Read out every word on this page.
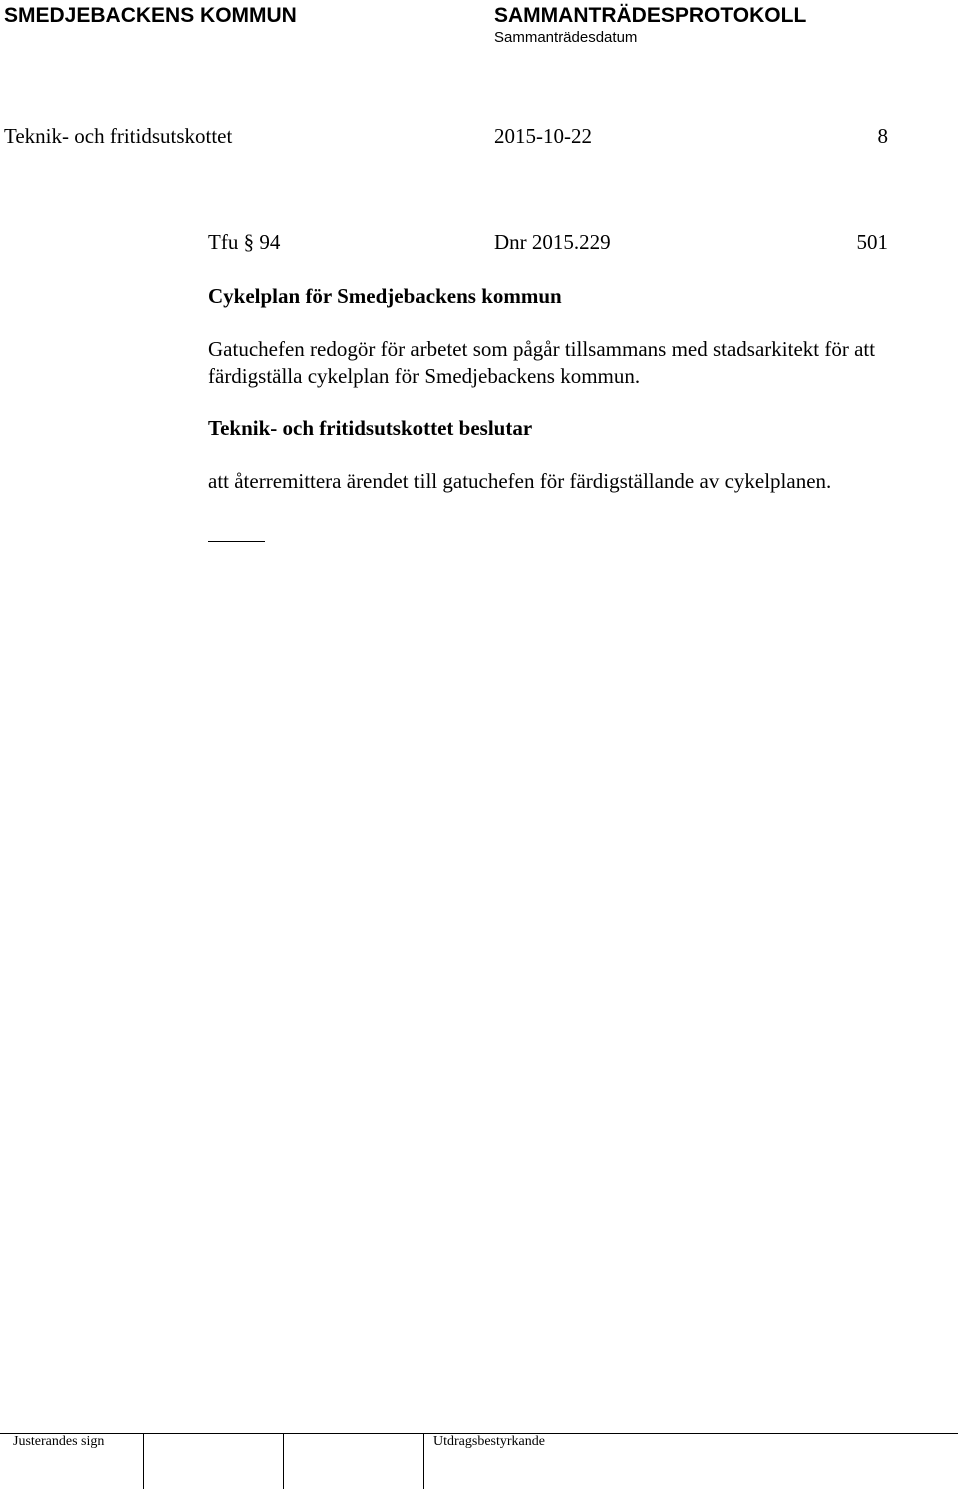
SMEDJEBACKENS KOMMUN	SAMMANTRÄDESPROTOKOLL
Sammanträdesdatum
Teknik- och fritidsutskottet	2015-10-22	8
Tfu § 94	Dnr 2015.229	501
Cykelplan för Smedjebackens kommun

Gatuchefen redogör för arbetet som pågår tillsammans med stadsarkitekt för att färdigställa cykelplan för Smedjebackens kommun.

Teknik- och fritidsutskottet beslutar
att återremittera ärendet till gatuchefen för färdigställande av cykelplanen.
Justerandes sign	Utdragsbestyrkande
